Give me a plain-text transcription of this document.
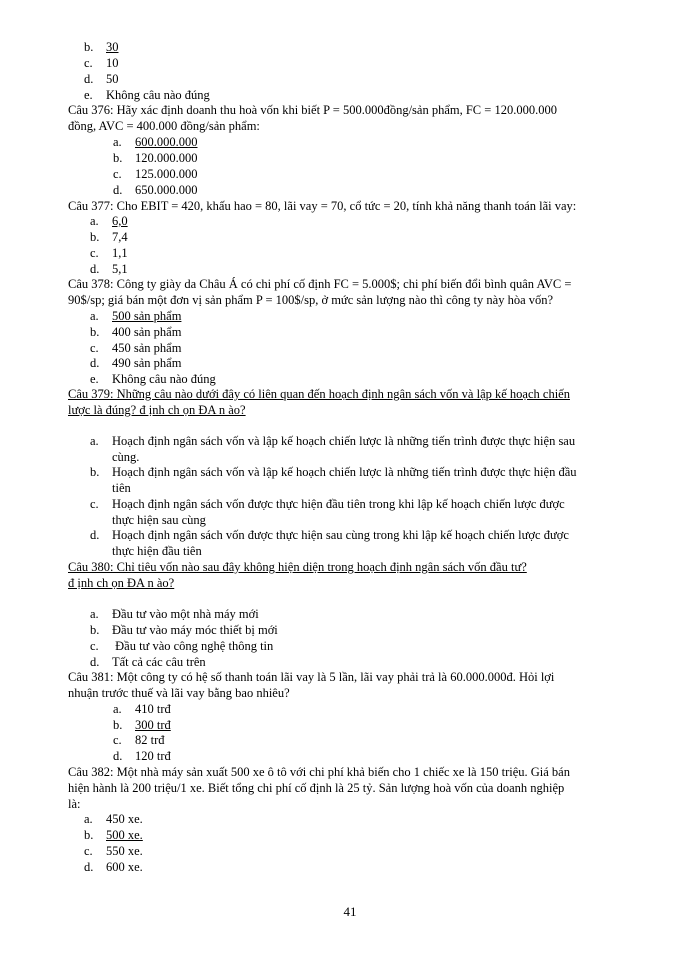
b. 30
c. 10
d. 50
e. Không câu nào đúng
Câu 376: Hãy xác định doanh thu hoà vốn khi biết P = 500.000đồng/sản phẩm, FC = 120.000.000
đồng, AVC = 400.000 đồng/sản phẩm:
a. 600.000.000
b. 120.000.000
c. 125.000.000
d. 650.000.000
Câu 377: Cho EBIT = 420, khấu hao = 80, lãi vay = 70, cổ tức = 20, tính khả năng thanh toán lãi vay:
a. 6,0
b. 7,4
c. 1,1
d. 5,1
Câu 378: Công ty giày da Châu Á có chi phí cố định FC = 5.000$; chi phí biến đổi bình quân AVC =
90$/sp; giá bán một đơn vị sản phẩm P = 100$/sp, ở mức sản lượng nào thì công ty này hòa vốn?
a. 500 sản phẩm
b. 400 sản phẩm
c. 450 sản phẩm
d. 490 sản phẩm
e. Không câu nào đúng
Câu 379: Những câu nào dưới đây có liên quan đến hoạch định ngân sách vốn và lập kế hoạch chiến
lược là đúng? đ ịnh ch ọn ĐA n ào?
a. Hoạch định ngân sách vốn và lập kế hoạch chiến lược là những tiến trình được thực hiện sau
cùng.
b. Hoạch định ngân sách vốn và lập kế hoạch chiến lược là những tiến trình được thực hiện đầu
tiên
c. Hoạch định ngân sách vốn được thực hiện đầu tiên trong khi lập kế hoạch chiến lược được
thực hiện sau cùng
d. Hoạch định ngân sách vốn được thực hiện sau cùng trong khi lập kế hoạch chiến lược được
thực hiện đầu tiên
Câu 380: Chỉ tiêu vốn nào sau đây không hiện diện trong hoạch định ngân sách vốn đầu tư?
đ ịnh ch ọn ĐA n ào?
a. Đầu tư vào một nhà máy mới
b. Đầu tư vào máy móc thiết bị mới
c. Đầu tư vào công nghệ thông tin
d. Tất cả các câu trên
Câu 381: Một công ty có hệ số thanh toán lãi vay là 5 lần, lãi vay phải trả là 60.000.000đ. Hỏi lợi
nhuận trước thuế và lãi vay bằng bao nhiêu?
a. 410 trđ
b. 300 trđ
c. 82 trđ
d. 120 trđ
Câu 382: Một nhà máy sản xuất 500 xe ô tô với chi phí khả biến cho 1 chiếc xe là 150 triệu. Giá bán
hiện hành là 200 triệu/1 xe. Biết tổng chi phí cố định là 25 tỷ. Sản lượng hoà vốn của doanh nghiệp
là:
a. 450 xe.
b. 500 xe.
c. 550 xe.
d. 600 xe.
41
